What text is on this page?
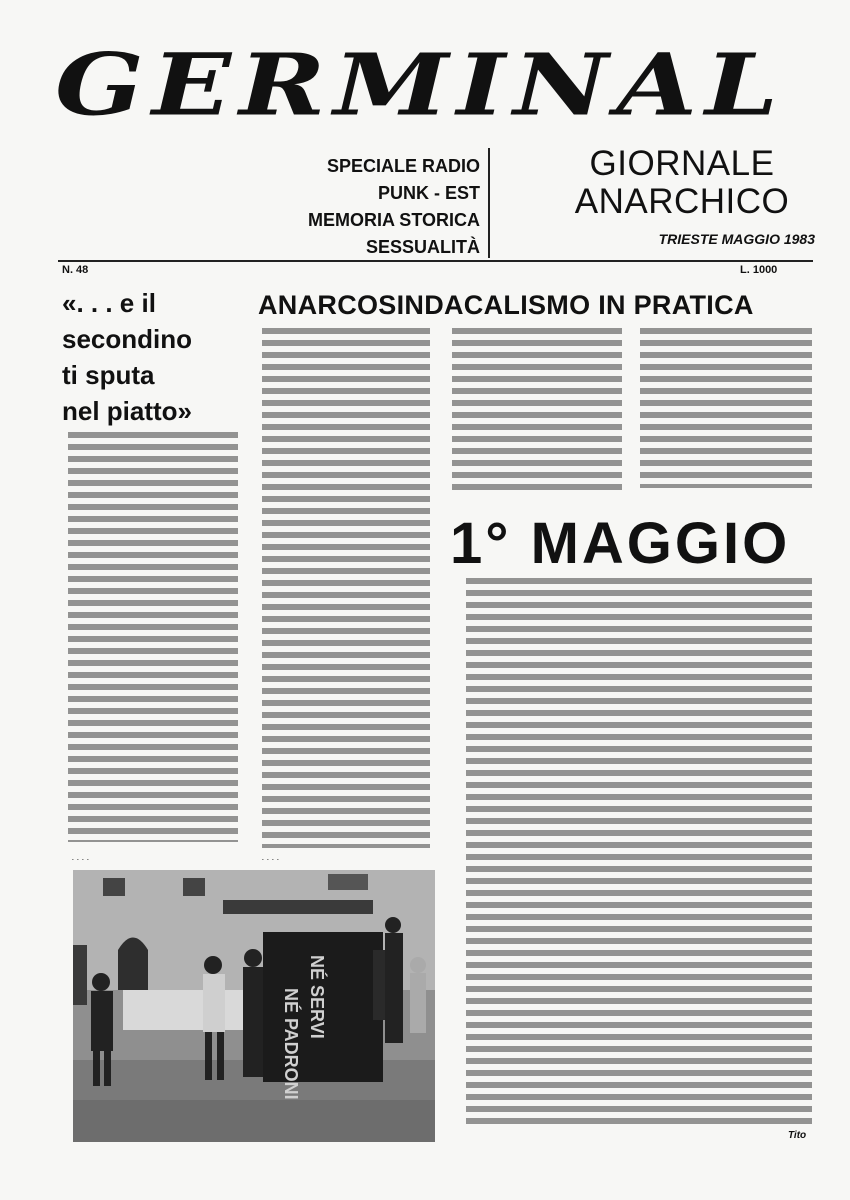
GERMINAL
SPECIALE RADIO
PUNK - EST
MEMORIA STORICA
SESSUALITÀ
GIORNALE
ANARCHICO
TRIESTE MAGGIO 1983
N. 48	L. 1000
«. . . e il
secondino
ti sputa
nel piatto»
ANARCOSINDACALISMO IN PRATICA
1° MAGGIO
. . . .	. . . .
NÉ SERVI
NÉ PADRONI
Tito
